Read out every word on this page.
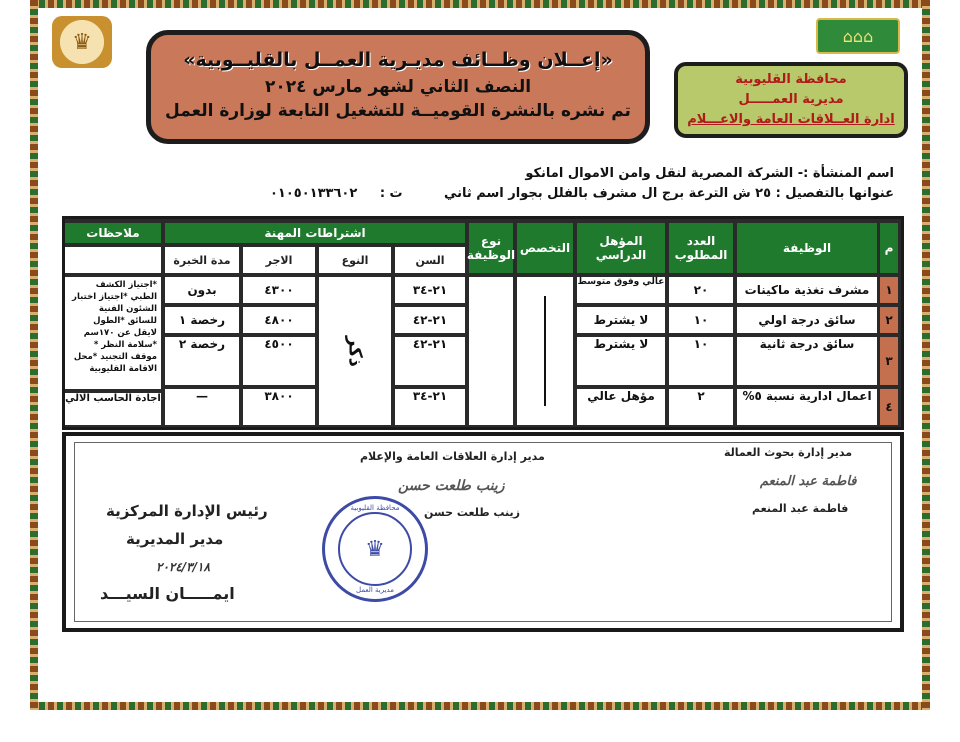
♛	⌂⌂⌂
«إعــلان وظــائف مديـرية العمــل بالقليــوبية»
النصف الثاني لشهر مارس ٢٠٢٤
تم نشره بالنشرة القوميــة للتشغيل التابعة لوزارة العمل
محافظة القليوبية
مديرية العمـــــل
ادارة العــلاقات العامة والاعـــلام
اسم المنشأة :- الشركة المصرية لنقل وامن الاموال امانكو
عنوانها بالتفصيل : ٢٥ ش الترعة برج ال مشرف بالفلل بجوار اسم ثاني
ت : ٠١٠٥٠١٣٣٦٠٢
م
الوظيفة
العدد المطلوب
المؤهل الدراسي
التخصص
نوع الوظيفة
اشتراطات المهنة
ملاحظات
السن
النوع
الاجر
مدة الخبرة
١
مشرف تغذية ماكينات
٢٠
عالي وفوق متوسط
٢١-٣٤
٤٣٠٠
بدون
٢
سائق درجة اولي
١٠
لا يشترط
٢١-٤٢
٤٨٠٠
رخصة ١
٣
سائق درجة ثانية
١٠
لا يشترط
٢١-٤٢
٤٥٠٠
رخصة ٢
٤
اعمال ادارية نسبة ٥%
٢
مؤهل عالي
٢١-٣٤
٣٨٠٠
—
ذكر
*اجتياز الكشف الطبي *اجتياز اختبار الشئون الفنية للسائق *الطول لايقل عن ١٧٠سم *سلامة النظر * موقف التجنيد *محل الاقامة القليوبية
اجادة الحاسب الالي
مدير إدارة العلاقات العامة والإعلام
زينب طلعت حسن
زينب طلعت حسن
مدير إدارة بحوث العمالة
فاطمة عبد المنعم
فاطمة عبد المنعم
رئيس الإدارة المركزية
مدير المديرية
٢٠٢٤/٣/١٨
ايمـــــان السيـــد
محافظة القليوبية
♛
مديرية العمل
